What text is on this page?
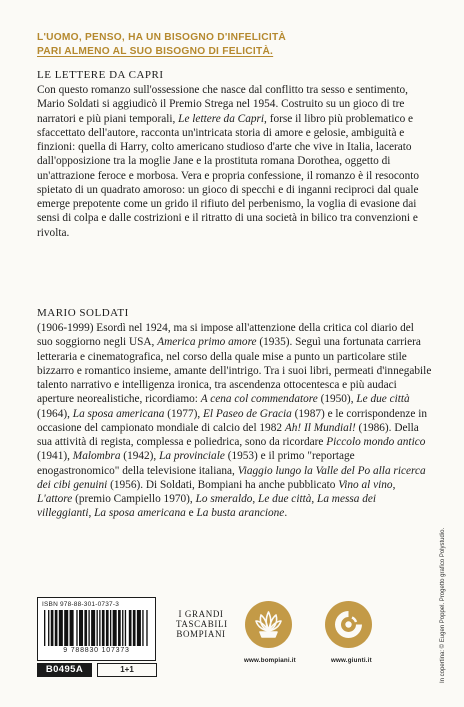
L'UOMO, PENSO, HA UN BISOGNO D'INFELICITÀ
PARI ALMENO AL SUO BISOGNO DI FELICITÀ.
LE LETTERE DA CAPRI

Con questo romanzo sull'ossessione che nasce dal conflitto tra sesso e sentimento, Mario Soldati si aggiudicò il Premio Strega nel 1954. Costruito su un gioco di tre narratori e più piani temporali, Le lettere da Capri, forse il libro più problematico e sfaccettato dell'autore, racconta un'intricata storia di amore e gelosie, ambiguità e finzioni: quella di Harry, colto americano studioso d'arte che vive in Italia, lacerato dall'opposizione tra la moglie Jane e la prostituta romana Dorothea, oggetto di un'attrazione feroce e morbosa. Vera e propria confessione, il romanzo è il resoconto spietato di un quadrato amoroso: un gioco di specchi e di inganni reciproci dal quale emerge prepotente come un grido il rifiuto del perbenismo, la voglia di evasione dai sensi di colpa e dalle costrizioni e il ritratto di una società in bilico tra convenzioni e rivolta.

MARIO SOLDATI

(1906-1999) Esordì nel 1924, ma si impose all'attenzione della critica col diario del suo soggiorno negli USA, America primo amore (1935). Seguì una fortunata carriera letteraria e cinematografica, nel corso della quale mise a punto un particolare stile bizzarro e romantico insieme, amante dell'intrigo. Tra i suoi libri, permeati d'innegabile talento narrativo e intelligenza ironica, tra ascendenza ottocentesca e più audaci aperture neorealistiche, ricordiamo: A cena col commendatore (1950), Le due città (1964), La sposa americana (1977), El Paseo de Gracia (1987) e le corrispondenze in occasione del campionato mondiale di calcio del 1982 Ah! Il Mundial! (1986). Della sua attività di regista, complessa e poliedrica, sono da ricordare Piccolo mondo antico (1941), Malombra (1942), La provinciale (1953) e il primo "reportage enogastronomico" della televisione italiana, Viaggio lungo la Valle del Po alla ricerca dei cibi genuini (1956). Di Soldati, Bompiani ha anche pubblicato Vino al vino, L'attore (premio Campiello 1970), Lo smeraldo, Le due città, La messa dei villeggianti, La sposa americana e La busta arancione.

ISBN 978-88-301-0737-3
9 788830 107373
B0495A	1+1
I GRANDI
TASCABILI
BOMPIANI
www.bompiani.it	www.giunti.it	In copertina: © Eugen Poppel. Progetto grafico Polystudio.
